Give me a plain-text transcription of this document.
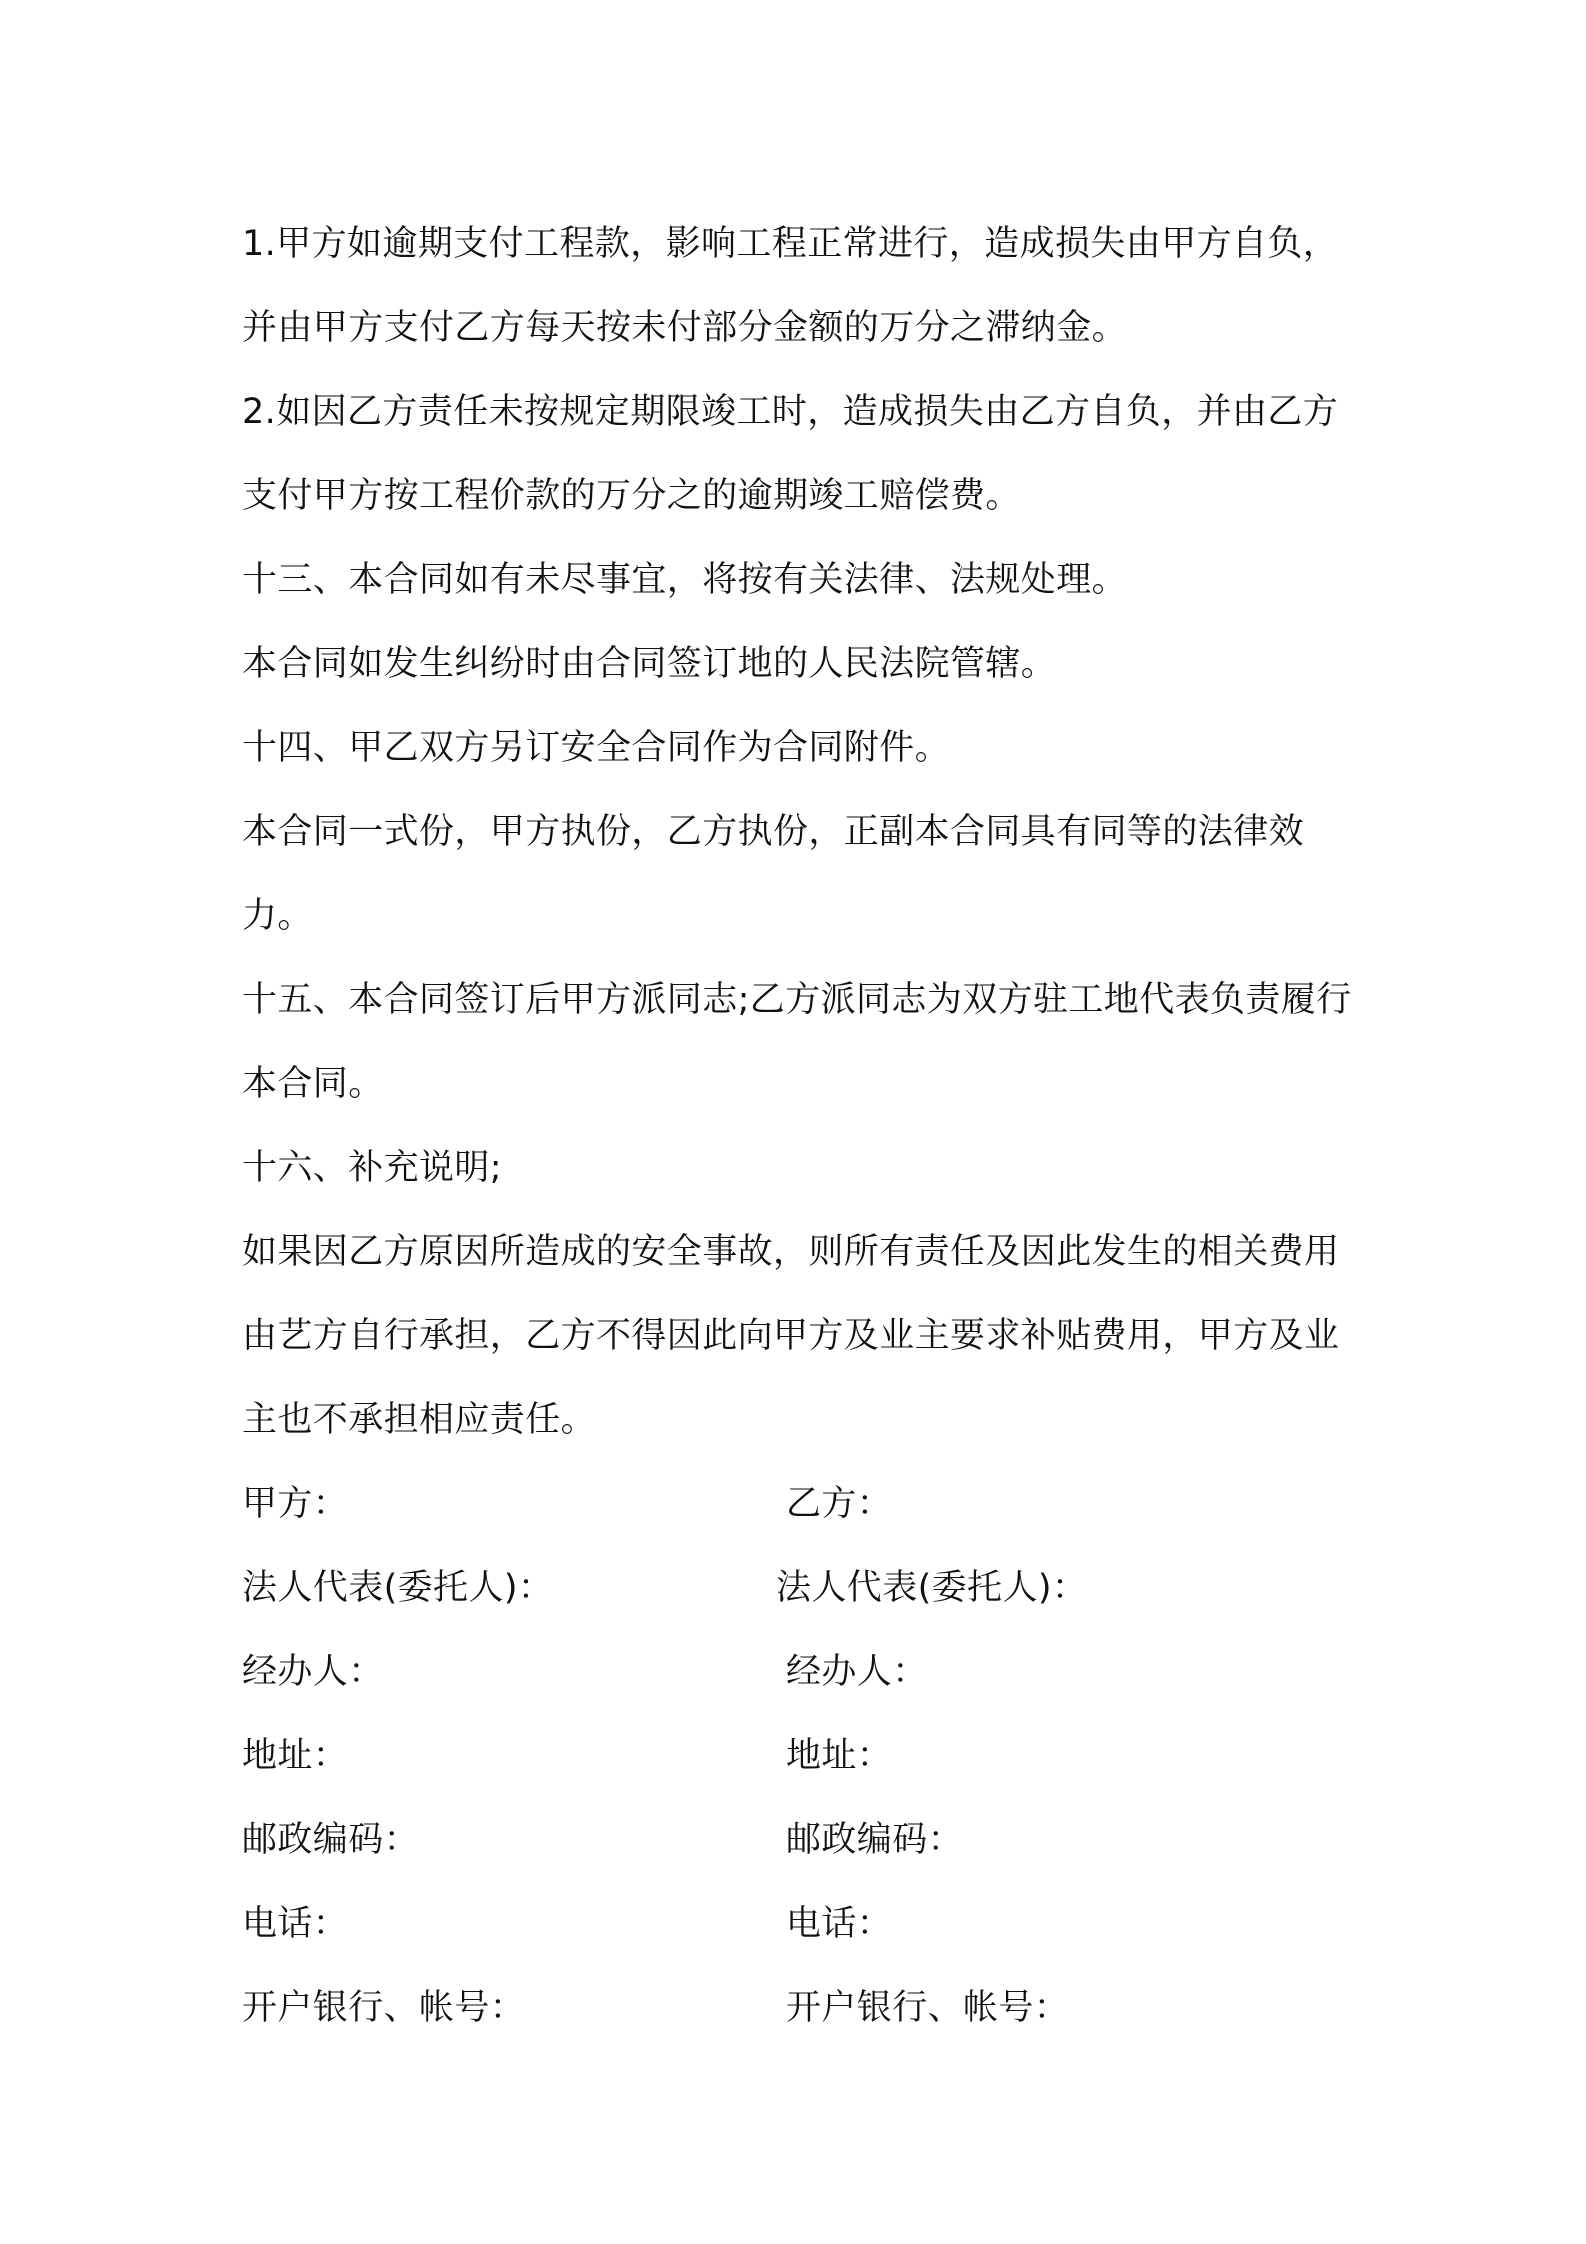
1.甲方如逾期支付工程款，影响工程正常进行，造成损失由甲方自负，并由甲方支付乙方每天按未付部分金额的万分之滞纳金。

2.如因乙方责任未按规定期限竣工时，造成损失由乙方自负，并由乙方支付甲方按工程价款的万分之的逾期竣工赔偿费。

十三、本合同如有未尽事宜，将按有关法律、法规处理。

本合同如发生纠纷时由合同签订地的人民法院管辖。

十四、甲乙双方另订安全合同作为合同附件。

本合同一式份，甲方执份，乙方执份，正副本合同具有同等的法律效力。

十五、本合同签订后甲方派同志;乙方派同志为双方驻工地代表负责履行本合同。

十六、补充说明;

如果因乙方原因所造成的安全事故，则所有责任及因此发生的相关费用由艺方自行承担，乙方不得因此向甲方及业主要求补贴费用，甲方及业主也不承担相应责任。

甲方：	乙方：
法人代表(委托人)：	法人代表(委托人)：
经办人：	经办人：
地址：	地址：
邮政编码：	邮政编码：
电话：	电话：
开户银行、帐号：	开户银行、帐号：
